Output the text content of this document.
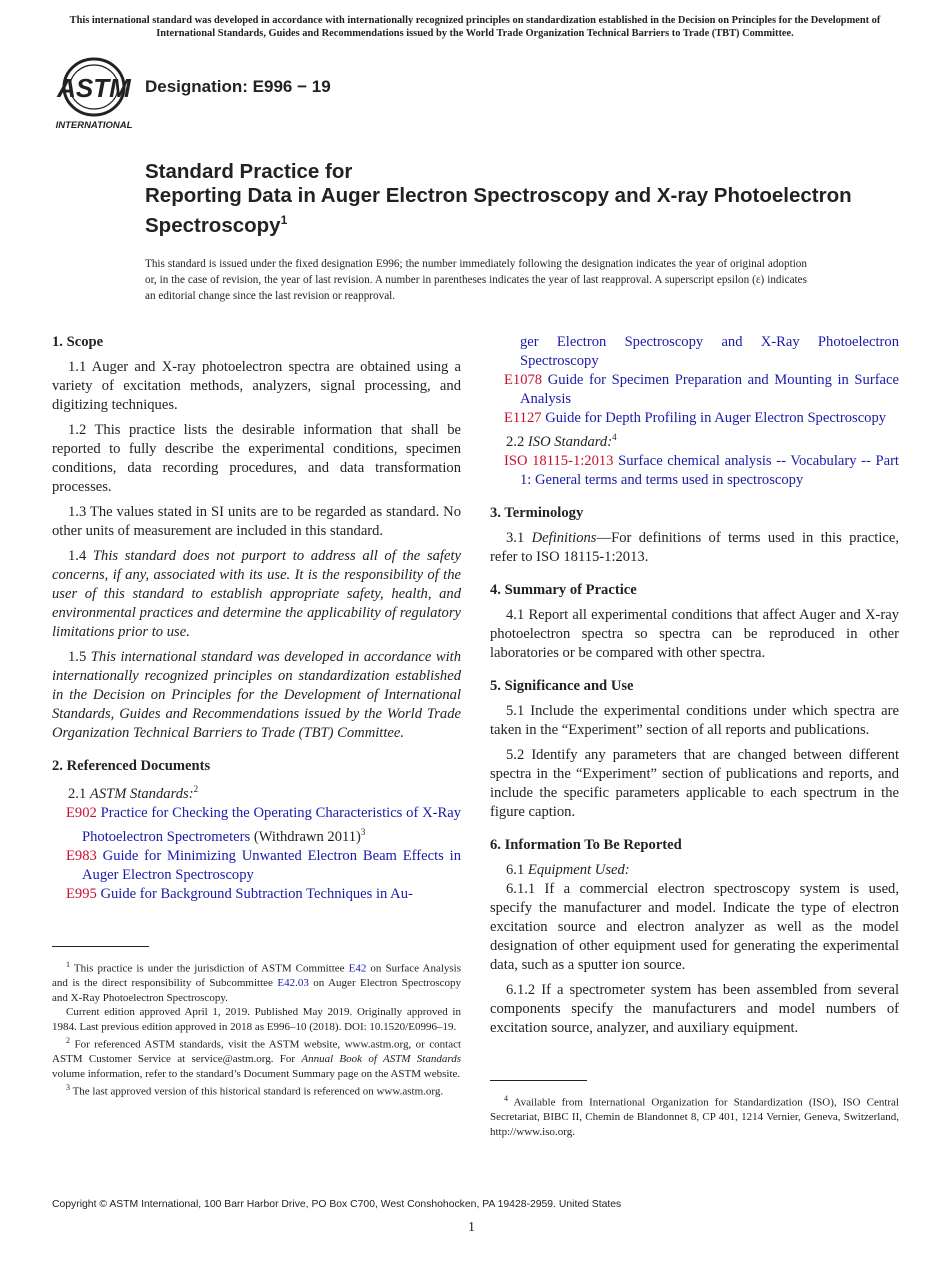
This international standard was developed in accordance with internationally recognized principles on standardization established in the Decision on Principles for the Development of International Standards, Guides and Recommendations issued by the World Trade Organization Technical Barriers to Trade (TBT) Committee.
ASTM
INTERNATIONAL
Designation: E996 − 19
Standard Practice for
Reporting Data in Auger Electron Spectroscopy and X-ray Photoelectron Spectroscopy$^1$
This standard is issued under the fixed designation E996; the number immediately following the designation indicates the year of original adoption or, in the case of revision, the year of last revision. A number in parentheses indicates the year of last reapproval. A superscript epsilon (ε) indicates an editorial change since the last revision or reapproval.

1. Scope

1.1 Auger and X-ray photoelectron spectra are obtained using a variety of excitation methods, analyzers, signal processing, and digitizing techniques.

1.2 This practice lists the desirable information that shall be reported to fully describe the experimental conditions, specimen conditions, data recording procedures, and data transformation processes.

1.3 The values stated in SI units are to be regarded as standard. No other units of measurement are included in this standard.

1.4 This standard does not purport to address all of the safety concerns, if any, associated with its use. It is the responsibility of the user of this standard to establish appropriate safety, health, and environmental practices and determine the applicability of regulatory limitations prior to use.

1.5 This international standard was developed in accordance with internationally recognized principles on standardization established in the Decision on Principles for the Development of International Standards, Guides and Recommendations issued by the World Trade Organization Technical Barriers to Trade (TBT) Committee.

2. Referenced Documents

2.1 ASTM Standards:$^2$

E902 Practice for Checking the Operating Characteristics of X-Ray Photoelectron Spectrometers (Withdrawn 2011)$^3$

E983 Guide for Minimizing Unwanted Electron Beam Effects in Auger Electron Spectroscopy

E995 Guide for Background Subtraction Techniques in Au-

$^1$ This practice is under the jurisdiction of ASTM Committee E42 on Surface Analysis and is the direct responsibility of Subcommittee E42.03 on Auger Electron Spectroscopy and X-Ray Photoelectron Spectroscopy.

Current edition approved April 1, 2019. Published May 2019. Originally approved in 1984. Last previous edition approved in 2018 as E996–10 (2018). DOI: 10.1520/E0996–19.

$^2$ For referenced ASTM standards, visit the ASTM website, www.astm.org, or contact ASTM Customer Service at service@astm.org. For Annual Book of ASTM Standards volume information, refer to the standard’s Document Summary page on the ASTM website.

$^3$ The last approved version of this historical standard is referenced on www.astm.org.

ger Electron Spectroscopy and X-Ray Photoelectron Spectroscopy

E1078 Guide for Specimen Preparation and Mounting in Surface Analysis

E1127 Guide for Depth Profiling in Auger Electron Spectroscopy

2.2 ISO Standard:$^4$

ISO 18115-1:2013 Surface chemical analysis -- Vocabulary -- Part 1: General terms and terms used in spectroscopy

3. Terminology

3.1 Definitions—For definitions of terms used in this practice, refer to ISO 18115-1:2013.

4. Summary of Practice

4.1 Report all experimental conditions that affect Auger and X-ray photoelectron spectra so spectra can be reproduced in other laboratories or be compared with other spectra.

5. Significance and Use

5.1 Include the experimental conditions under which spectra are taken in the “Experiment” section of all reports and publications.

5.2 Identify any parameters that are changed between different spectra in the “Experiment” section of publications and reports, and include the specific parameters applicable to each spectrum in the figure caption.

6. Information To Be Reported

6.1 Equipment Used:

6.1.1 If a commercial electron spectroscopy system is used, specify the manufacturer and model. Indicate the type of electron excitation source and electron analyzer as well as the model designation of other equipment used for generating the experimental data, such as a sputter ion source.

6.1.2 If a spectrometer system has been assembled from several components specify the manufacturers and model numbers of excitation source, analyzer, and auxiliary equipment.

$^4$ Available from International Organization for Standardization (ISO), ISO Central Secretariat, BIBC II, Chemin de Blandonnet 8, CP 401, 1214 Vernier, Geneva, Switzerland, http://www.iso.org.

Copyright © ASTM International, 100 Barr Harbor Drive, PO Box C700, West Conshohocken, PA 19428-2959. United States
1
